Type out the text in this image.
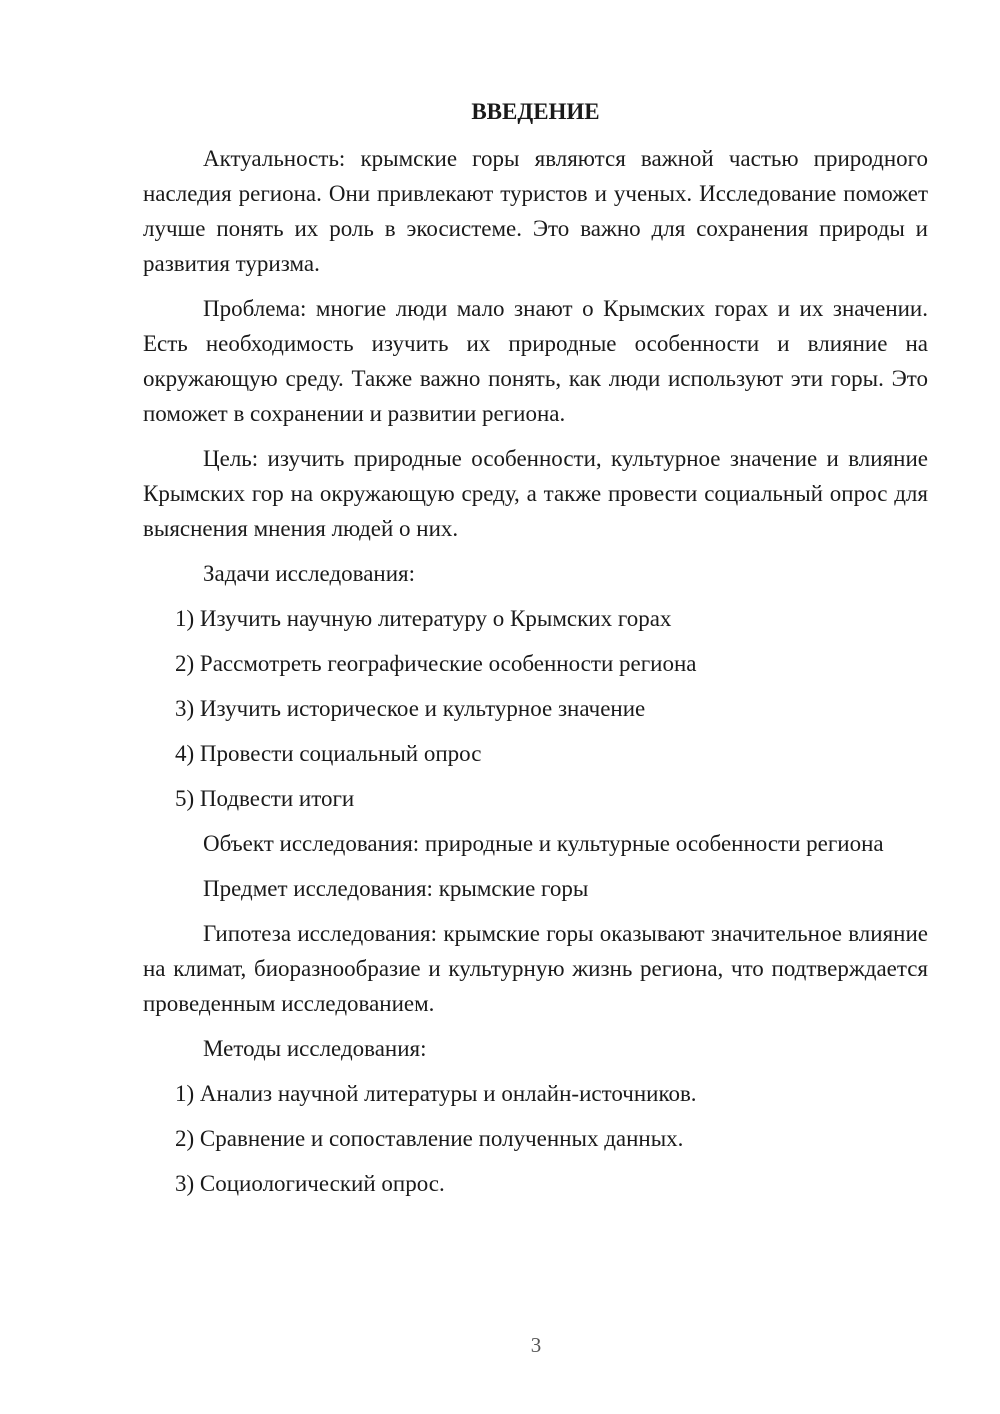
ВВЕДЕНИЕ

Актуальность: крымские горы являются важной частью природного наследия региона. Они привлекают туристов и ученых. Исследование поможет лучше понять их роль в экосистеме. Это важно для сохранения природы и развития туризма.

Проблема: многие люди мало знают о Крымских горах и их значении. Есть необходимость изучить их природные особенности и влияние на окружающую среду. Также важно понять, как люди используют эти горы. Это поможет в сохранении и развитии региона.

Цель: изучить природные особенности, культурное значение и влияние Крымских гор на окружающую среду, а также провести социальный опрос для выяснения мнения людей о них.

Задачи исследования:

1) Изучить научную литературу о Крымских горах

2) Рассмотреть географические особенности региона

3) Изучить историческое и культурное значение

4) Провести социальный опрос

5) Подвести итоги

Объект исследования: природные и культурные особенности региона

Предмет исследования: крымские горы

Гипотеза исследования: крымские горы оказывают значительное влияние на климат, биоразнообразие и культурную жизнь региона, что подтверждается проведенным исследованием.

Методы исследования:

1) Анализ научной литературы и онлайн-источников.

2) Сравнение и сопоставление полученных данных.

3) Социологический опрос.

3
